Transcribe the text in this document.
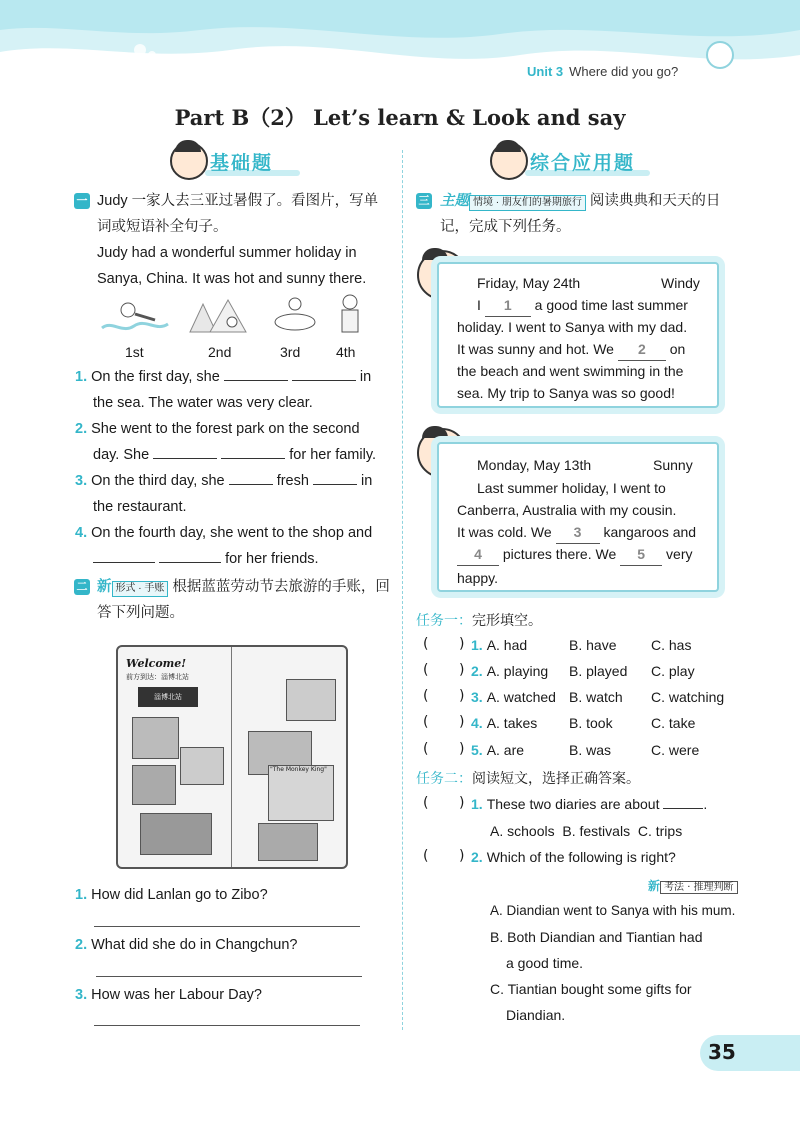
Unit 3 Where did you go?
Part B（2） Let’s learn & Look and say
基础题
一 Judy 一家人去三亚过暑假了。看图片，写单
词或短语补全句子。
Judy had a wonderful summer holiday in
Sanya, China. It was hot and sunny there.
1st	2nd	3rd	4th
1. On the first day, she	in
the sea. The water was very clear.
2. She went to the forest park on the second
day. She	for her family.
3. On the third day, she	fresh	in
the restaurant.
4. On the fourth day, she went to the shop and
for her friends.
二 新 形式 · 手账 根据蓝蓝劳动节去旅游的手账，回
答下列问题。
Welcome!
前方到达：淄博北站
淄博北站
"The Monkey King"
1. How did Lanlan go to Zibo?
2. What did she do in Changchun?
3. How was her Labour Day?
综合应用题
三 主题 情境 · 朋友们的暑期旅行 阅读典典和天天的日
记，完成下列任务。
Friday, May 24th	Windy
I 1 a good time last summer
holiday. I went to Sanya with my dad.
It was sunny and hot. We 2 on
the beach and went swimming in the
sea. My trip to Sanya was so good!
Monday, May 13th	Sunny
Last summer holiday, I went to
Canberra, Australia with my cousin.
It was cold. We 3 kangaroos and
4 pictures there. We 5 very
happy.
任务一：完形填空。
( ) 1. A. had	B. have C. has
( ) 2. A. playing B. played C. play
( ) 3. A. watched B. watch C. watching
( ) 4. A. takes B. took	C. take
( ) 5. A. are	B. was	C. were
任务二：阅读短文，选择正确答案。
( ) 1. These two diaries are about	.
A. schools B. festivals C. trips
( ) 2. Which of the following is right?
新 考法 · 推理判断
A. Diandian went to Sanya with his mum.
B. Both Diandian and Tiantian had
a good time.
C. Tiantian bought some gifts for
Diandian.
35
